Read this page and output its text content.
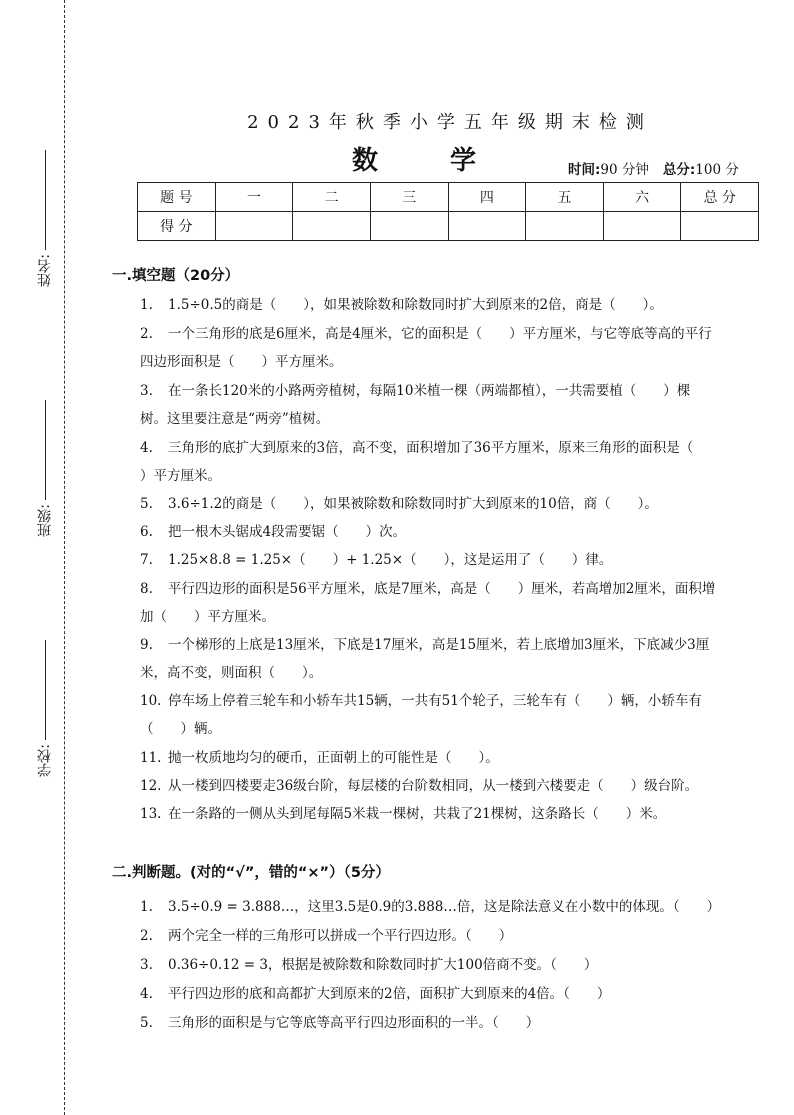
姓名:
班级:
学校:
2023年秋季小学五年级期末检测
数学 时间:90 分钟 总分:100 分
题 号	一	二	三	四	五	六	总 分
得 分							
一.填空题（20分）
1. 1.5÷0.5的商是（　　），如果被除数和除数同时扩大到原来的2倍，商是（　　）。
2. 一个三角形的底是6厘米，高是4厘米，它的面积是（　　）平方厘米，与它等底等高的平行
四边形面积是（　　）平方厘米。
3. 在一条长120米的小路两旁植树，每隔10米植一棵（两端都植），一共需要植（　　）棵
树。这里要注意是“两旁”植树。
4. 三角形的底扩大到原来的3倍，高不变，面积增加了36平方厘米，原来三角形的面积是（
）平方厘米。
5. 3.6÷1.2的商是（　　），如果被除数和除数同时扩大到原来的10倍，商（　　）。
6. 把一根木头锯成4段需要锯（　　）次。
7. 1.25×8.8 = 1.25×（　　）+ 1.25×（　　），这是运用了（　　）律。
8. 平行四边形的面积是56平方厘米，底是7厘米，高是（　　）厘米，若高增加2厘米，面积增
加（　　）平方厘米。
9. 一个梯形的上底是13厘米，下底是17厘米，高是15厘米，若上底增加3厘米，下底减少3厘
米，高不变，则面积（　　）。
10. 停车场上停着三轮车和小轿车共15辆，一共有51个轮子，三轮车有（　　）辆，小轿车有
（　　）辆。
11. 抛一枚质地均匀的硬币，正面朝上的可能性是（　　）。
12. 从一楼到四楼要走36级台阶，每层楼的台阶数相同，从一楼到六楼要走（　　）级台阶。
13. 在一条路的一侧从头到尾每隔5米栽一棵树，共栽了21棵树，这条路长（　　）米。
二.判断题。(对的“√”，错的“×”）（5分）
1. 3.5÷0.9 = 3.888…，这里3.5是0.9的3.888…倍，这是除法意义在小数中的体现。（　　）
2. 两个完全一样的三角形可以拼成一个平行四边形。（　　）
3. 0.36÷0.12 = 3，根据是被除数和除数同时扩大100倍商不变。（　　）
4. 平行四边形的底和高都扩大到原来的2倍，面积扩大到原来的4倍。（　　）
5. 三角形的面积是与它等底等高平行四边形面积的一半。（　　）
